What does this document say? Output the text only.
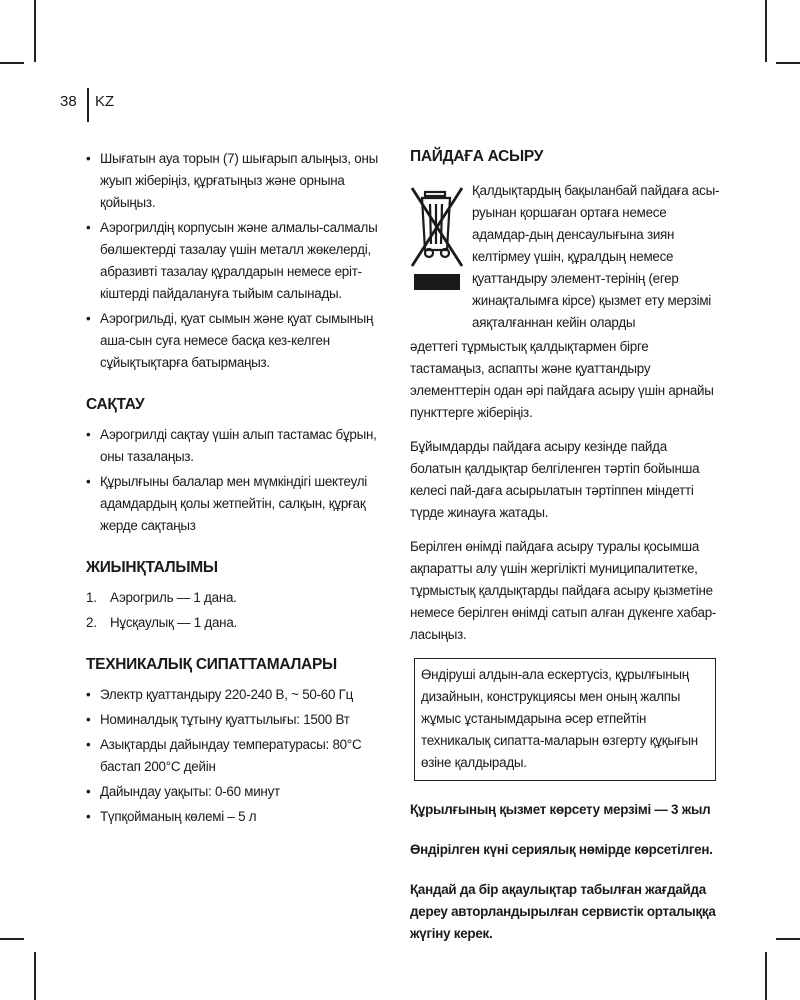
38 KZ
• Шығатын ауа торын (7) шығарып алыңыз, оны жуып жіберіңіз, құрғатыңыз және орнына қойыңыз.
• Аэрогрилдің корпусын және алмалы-салмалы бөлшектерді тазалау үшін металл жөкелерді, абразивті тазалау құралдарын немесе еріт-кіштерді пайдалануға тыйым салынады.
• Аэрогрильді, қуат сымын және қуат сымының аша-сын суға немесе басқа кез-келген сұйықтықтарға батырмаңыз.
САҚТАУ
• Аэрогрилді сақтау үшін алып тастамас бұрын, оны тазалаңыз.
• Құрылғыны балалар мен мүмкіндігі шектеулі адамдардың қолы жетпейтін, салқын, құрғақ жерде сақтаңыз
ЖИЫНҚТАЛЫМЫ
1. Аэрогриль — 1 дана.
2. Нұсқаулық — 1 дана.
ТЕХНИКАЛЫҚ СИПАТТАМАЛАРЫ
• Электр қуаттандыру 220-240 В, ~ 50-60 Гц
• Номиналдық тұтыну қуаттылығы: 1500 Вт
• Азықтарды дайындау температурасы: 80°C бастап 200°C дейін
• Дайындау уақыты: 0-60 минут
• Түпқойманың көлемі – 5 л
ПАЙДАҒА АСЫРУ

Қалдықтардың бақыланбай пайдаға асы-руынан қоршаған ортаға немесе адамдар-дың денсаулығына зиян келтірмеу үшін, құралдың немесе қуаттандыру элемент-терінің (егер жинақталымға кірсе) қызмет ету мерзімі аяқталғаннан кейін оларды

әдеттегі тұрмыстық қалдықтармен бірге тастамаңыз, аспапты және қуаттандыру элементтерін одан әрі пайдаға асыру үшін арнайы пункттерге жіберіңіз.

Бұйымдарды пайдаға асыру кезінде пайда болатын қалдықтар белгіленген тәртіп бойынша келесі пай-даға асырылатын тәртіппен міндетті түрде жинауға жатады.

Берілген өнімді пайдаға асыру туралы қосымша ақпаратты алу үшін жергілікті муниципалитетке, тұрмыстық қалдықтарды пайдаға асыру қызметіне немесе берілген өнімді сатып алған дүкенге хабар-ласыңыз.

Өндіруші алдын-ала ескертусіз, құрылғының дизайнын, конструкциясы мен оның жалпы жұмыс ұстанымдарына әсер етпейтін техникалық сипатта-маларын өзгерту құқығын өзіне қалдырады.

Құрылғының қызмет көрсету мерзімі — 3 жыл

Өндірілген күні сериялық нөмірде көрсетілген.

Қандай да бір ақаулықтар табылған жағдайда дереу авторландырылған сервистік орталыққа жүгіну керек.
